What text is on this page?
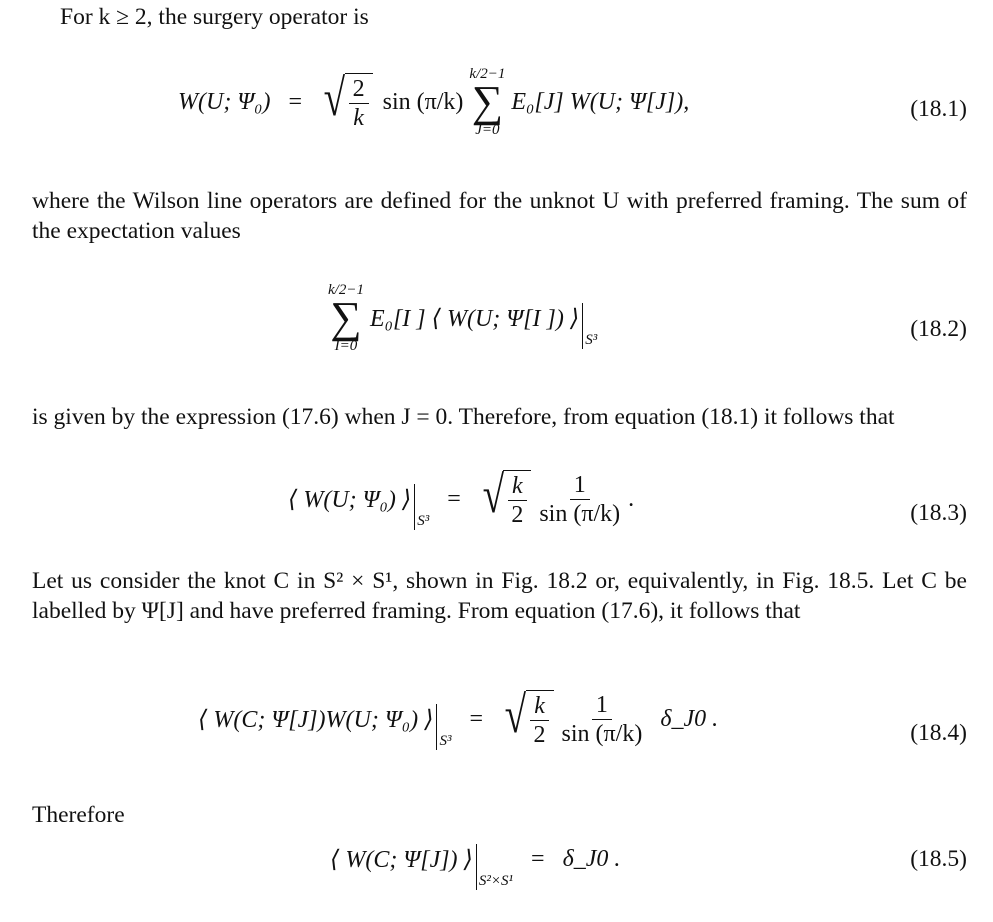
For k ≥ 2, the surgery operator is
W(U; Ψ₀) = √ $\frac{2}{k}$ sin (π/k)
k/2−1
∑
J=0
E₀[J] W(U; Ψ[J]),	(18.1)
where the Wilson line operators are defined for the unknot U with preferred framing. The sum of the expectation values
k/2−1
∑
I=0
E₀[I ] ⟨ W(U; Ψ[I ]) ⟩
S³	(18.2)
is given by the expression (17.6) when J = 0. Therefore, from equation (18.1) it follows that
⟨ W(U; Ψ₀) ⟩
S³
= √ $\frac{k}{2} \frac{1}{\sin (\pi/k)}$ .
(18.3)
Let us consider the knot C in S² × S¹, shown in Fig. 18.2 or, equivalently, in Fig. 18.5. Let C be labelled by Ψ[J] and have preferred framing. From equation (17.6), it follows that
⟨ W(C; Ψ[J])W(U; Ψ₀) ⟩
S³
= √ $\frac{k}{2} \frac{1}{\sin (\pi/k)}$ δ_J0 .
(18.4)
Therefore
⟨ W(C; Ψ[J]) ⟩
S²×S¹
= δ_J0 .	(18.5)
